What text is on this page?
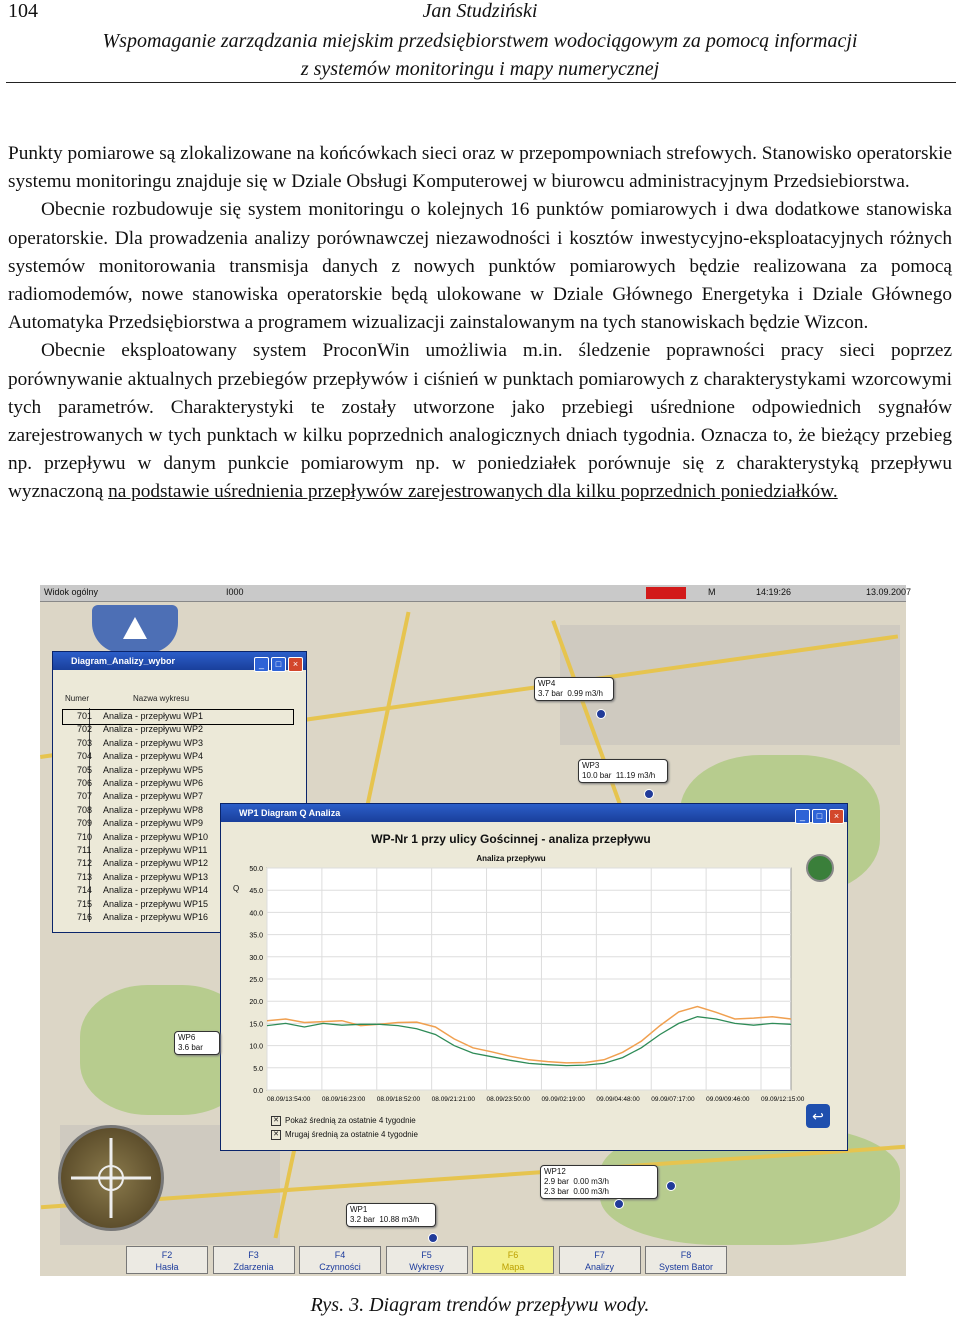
104	Jan Studziński
Wspomaganie zarządzania miejskim przedsiębiorstwem wodociągowym za pomocą informacji
z systemów monitoringu i mapy numerycznej

Punkty pomiarowe są zlokalizowane na końcówkach sieci oraz w przepompowniach strefowych. Stanowisko operatorskie systemu monitoringu znajduje się w Dziale Obsługi Komputerowej w biurowcu administracyjnym Przedsiebiorstwa.

Obecnie rozbudowuje się system monitoringu o kolejnych 16 punktów pomiarowych i dwa dodatkowe stanowiska operatorskie. Dla prowadzenia analizy porównawczej niezawodności i kosztów inwestycyjno-eksploatacyjnych różnych systemów monitorowania transmisja danych z nowych punktów pomiarowych będzie realizowana za pomocą radiomodemów, nowe stanowiska operatorskie będą ulokowane w Dziale Głównego Energetyka i Dziale Głównego Automatyka Przedsiębiorstwa a programem wizualizacji zainstalowanym na tych stanowiskach będzie Wizcon.

Obecnie eksploatowany system ProconWin umożliwia m.in. śledzenie poprawności pracy sieci poprzez porównywanie aktualnych przebiegów przepływów i ciśnień w punktach pomiarowych z charakterystykami wzorcowymi tych parametrów. Charakterystyki te zostały utworzone jako przebiegi uśrednione odpowiednich sygnałów zarejestrowanych w tych punktach w kilku poprzednich analogicznych dniach tygodnia. Oznacza to, że bieżący przebieg np. przepływu w danym punkcie pomiarowym np. w poniedziałek porównuje się z charakterystyką przepływu wyznaczoną na podstawie uśrednienia przepływów zarejestrowanych dla kilku poprzednich poniedziałków.

Widok ogólny	I000	M	14:19:26	13.09.2007
Diagram_Analizy_wybor	_ □ ×
Numer	Nazwa wykresu
701	Analiza - przepływu WP1
702	Analiza - przepływu WP2
703	Analiza - przepływu WP3
704	Analiza - przepływu WP4
705	Analiza - przepływu WP5
706	Analiza - przepływu WP6
707	Analiza - przepływu WP7
708	Analiza - przepływu WP8
709	Analiza - przepływu WP9
710	Analiza - przepływu WP10
711	Analiza - przepływu WP11
712	Analiza - przepływu WP12
713	Analiza - przepływu WP13
714	Analiza - przepływu WP14
715	Analiza - przepływu WP15
716	Analiza - przepływu WP16
WP1 Diagram Q Analiza	_ □ ×
WP-Nr 1 przy ulicy Gościnnej - analiza przepływu
Analiza przepływu
↩
50.0
45.0
40.0
35.0
30.0
25.0
20.0
15.0
10.0
5.0
0.0
08.09/13:54:00 08.09/16:23:00 08.09/18:52:00 08.09/21:21:00 08.09/23:50:00 09.09/02:19:00 09.09/04:48:00 09.09/07:17:00 09.09/09:46:00 09.09/12:15:00
Q
✕ Pokaż średnią za ostatnie 4 tygodnie
✕ Mrugaj średnią za ostatnie 4 tygodnie
WP4
3.7 bar 0.99 m3/h
WP3
10.0 bar 11.19 m3/h
WP6
3.6 bar
WP12
2.9 bar 0.00 m3/h
2.3 bar 0.00 m3/h
WP1
3.2 bar 10.88 m3/h
F2
Hasła
F3
Zdarzenia
F4
Czynności
F5
Wykresy
F6
Mapa
F7
Analizy
F8
System Bator
Rys. 3. Diagram trendów przepływu wody.
